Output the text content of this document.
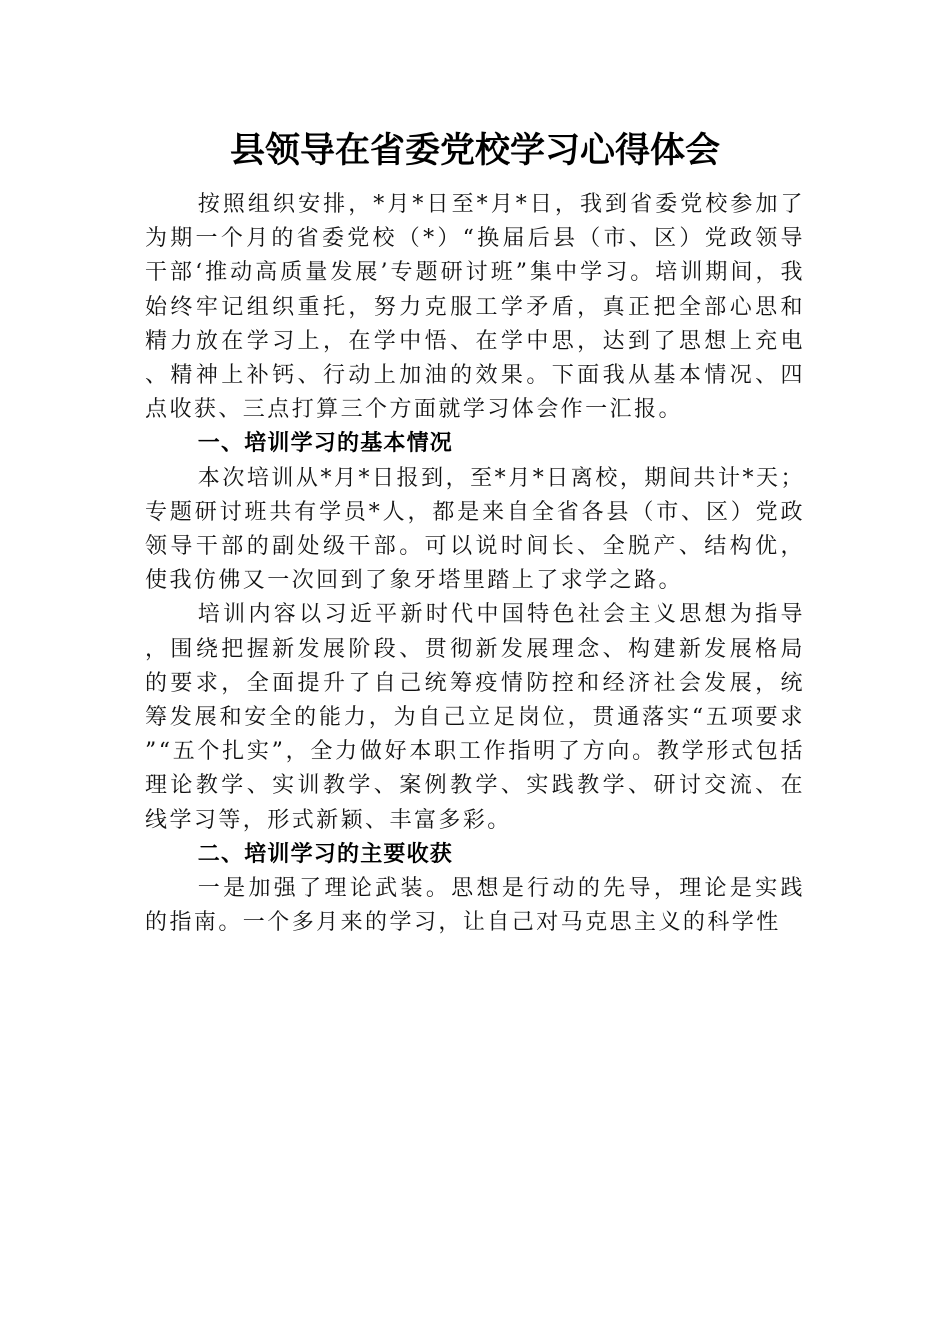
县领导在省委党校学习心得体会

按照组织安排，*月*日至*月*日，我到省委党校参加了为期一个月的省委党校（*）“换届后县（市、区）党政领导干部‘推动高质量发展’专题研讨班”集中学习。培训期间，我始终牢记组织重托，努力克服工学矛盾，真正把全部心思和精力放在学习上，在学中悟、在学中思，达到了思想上充电、精神上补钙、行动上加油的效果。下面我从基本情况、四点收获、三点打算三个方面就学习体会作一汇报。

一、培训学习的基本情况

本次培训从*月*日报到，至*月*日离校，期间共计*天；专题研讨班共有学员*人，都是来自全省各县（市、区）党政领导干部的副处级干部。可以说时间长、全脱产、结构优，使我仿佛又一次回到了象牙塔里踏上了求学之路。

培训内容以习近平新时代中国特色社会主义思想为指导，围绕把握新发展阶段、贯彻新发展理念、构建新发展格局的要求，全面提升了自己统筹疫情防控和经济社会发展，统筹发展和安全的能力，为自己立足岗位，贯通落实“五项要求”“五个扎实”，全力做好本职工作指明了方向。教学形式包括理论教学、实训教学、案例教学、实践教学、研讨交流、在线学习等，形式新颖、丰富多彩。

二、培训学习的主要收获

一是加强了理论武装。思想是行动的先导，理论是实践的指南。一个多月来的学习，让自己对马克思主义的科学性
